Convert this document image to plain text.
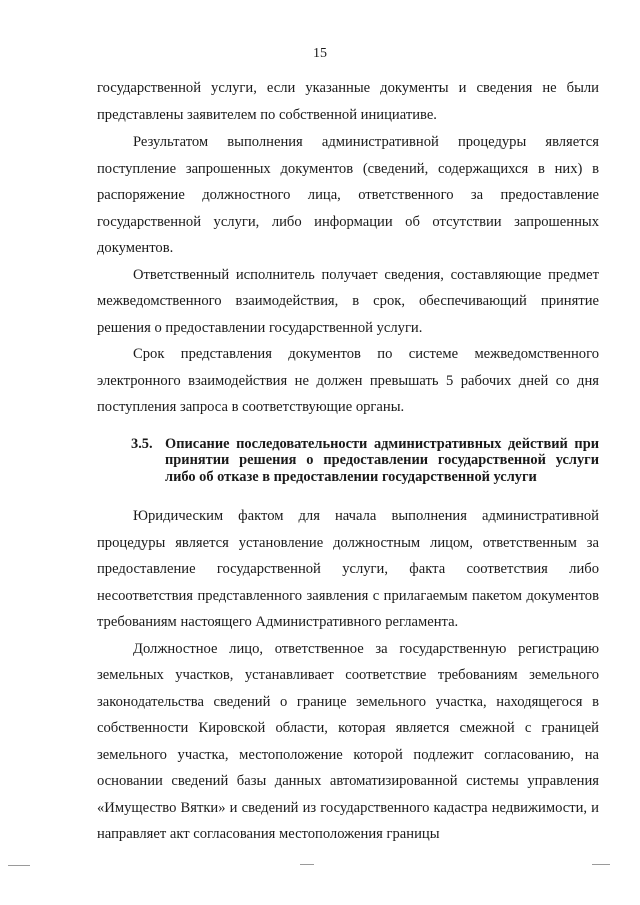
15

государственной услуги, если указанные документы и сведения не были представлены заявителем по собственной инициативе.

Результатом выполнения административной процедуры является поступление запрошенных документов (сведений, содержащихся в них) в распоряжение должностного лица, ответственного за предоставление государственной услуги, либо информации об отсутствии запрошенных документов.

Ответственный исполнитель получает сведения, составляющие предмет межведомственного взаимодействия, в срок, обеспечивающий принятие решения о предоставлении государственной услуги.

Срок представления документов по системе межведомственного электронного взаимодействия не должен превышать 5 рабочих дней со дня поступления запроса в соответствующие органы.

3.5. Описание последовательности административных действий при принятии решения о предоставлении государственной услуги либо об отказе в предоставлении государственной услуги

Юридическим фактом для начала выполнения административной процедуры является установление должностным лицом, ответственным за предоставление государственной услуги, факта соответствия либо несоответствия представленного заявления с прилагаемым пакетом документов требованиям настоящего Административного регламента.

Должностное лицо, ответственное за государственную регистрацию земельных участков, устанавливает соответствие требованиям земельного законодательства сведений о границе земельного участка, находящегося в собственности Кировской области, которая является смежной с границей земельного участка, местоположение которой подлежит согласованию, на основании сведений базы данных автоматизированной системы управления «Имущество Вятки» и сведений из государственного кадастра недвижимости, и направляет акт согласования местоположения границы
